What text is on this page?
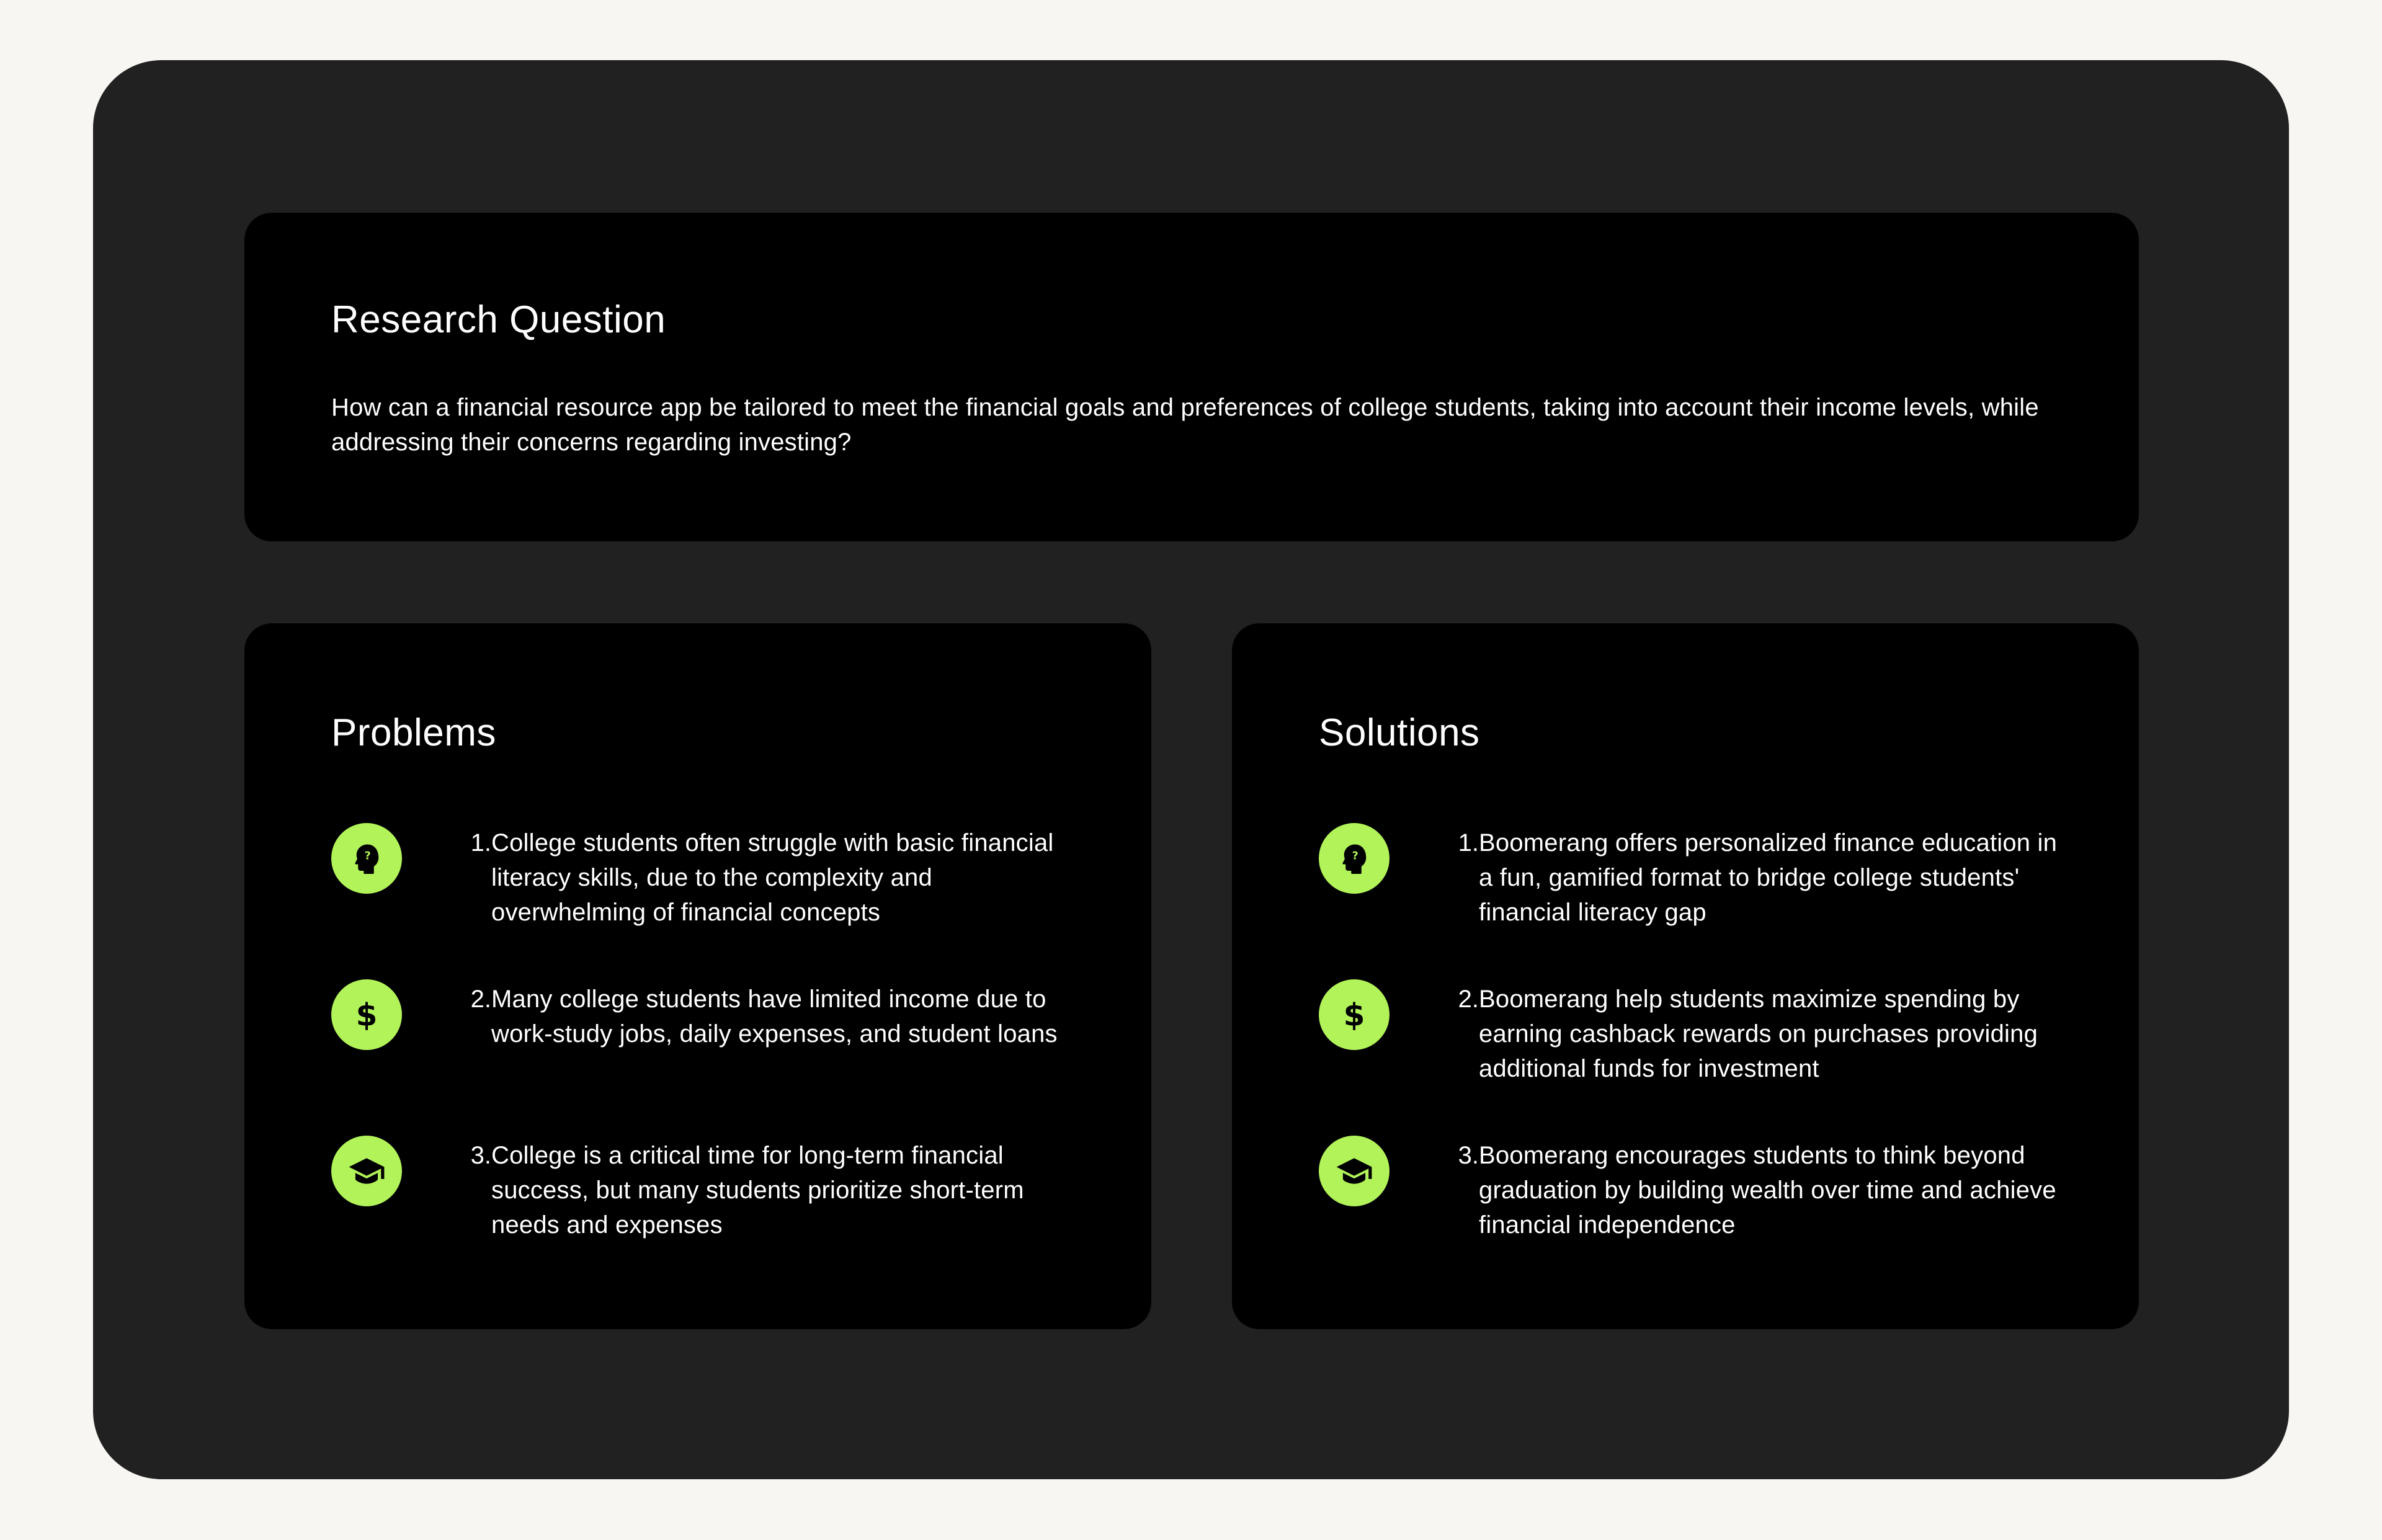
Research Question

How can a financial resource app be tailored to meet the financial goals and preferences of college students, taking into account their income levels, while addressing their concerns regarding investing?

Problems
?	1. College students often struggle with basic financial literacy skills, due to the complexity and overwhelming of financial concepts
$	2. Many college students have limited income due to work-study jobs, daily expenses, and student loans
3. College is a critical time for long-term financial success, but many students prioritize short-term needs and expenses
Solutions
?	1. Boomerang offers personalized finance education in a fun, gamified format to bridge college students' financial literacy gap
$	2. Boomerang help students maximize spending by earning cashback rewards on purchases providing additional funds for investment
3. Boomerang encourages students to think beyond graduation by building wealth over time and achieve financial independence
